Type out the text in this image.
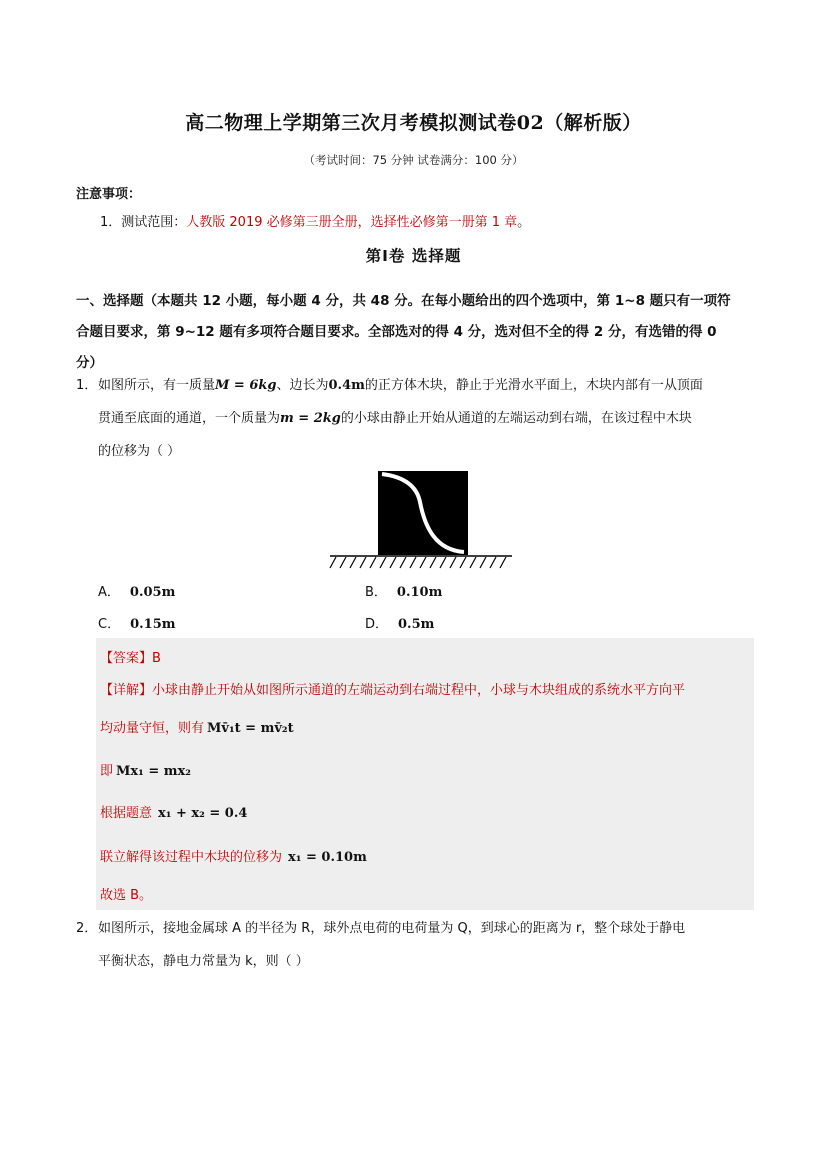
高二物理上学期第三次月考模拟测试卷02（解析版）
（考试时间：75 分钟 试卷满分：100 分）
注意事项：
1．测试范围：人教版 2019 必修第三册全册，选择性必修第一册第 1 章。
第Ⅰ卷 选择题
一、选择题（本题共 12 小题，每小题 4 分，共 48 分。在每小题给出的四个选项中，第 1~8 题只有一项符
合题目要求，第 9~12 题有多项符合题目要求。全部选对的得 4 分，选对但不全的得 2 分，有选错的得 0
分）
1．如图所示，有一质量M = 6kg、边长为0.4m的正方体木块，静止于光滑水平面上，木块内部有一从顶面
贯通至底面的通道，一个质量为m = 2kg的小球由静止开始从通道的左端运动到右端，在该过程中木块
的位移为（ ）
A． 0.05m	B． 0.10m
C． 0.15m	D． 0.5m
【答案】B
【详解】小球由静止开始从如图所示通道的左端运动到右端过程中，小球与木块组成的系统水平方向平
均动量守恒，则有 Mv̄₁t = mv̄₂t
即 Mx₁ = mx₂
根据题意 x₁ + x₂ = 0.4
联立解得该过程中木块的位移为 x₁ = 0.10m
故选 B。
2．如图所示，接地金属球 A 的半径为 R，球外点电荷的电荷量为 Q，到球心的距离为 r，整个球处于静电
平衡状态，静电力常量为 k，则（ ）
